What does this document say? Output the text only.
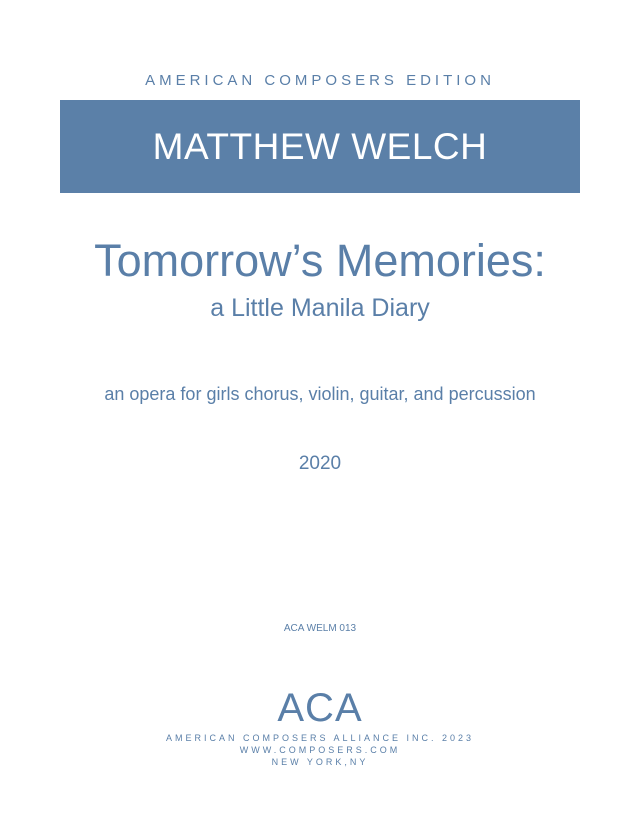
AMERICAN COMPOSERS EDITION
MATTHEW WELCH
Tomorrow’s Memories:
a Little Manila Diary
an opera for girls chorus, violin, guitar, and percussion
2020
ACA WELM 013
ACA
AMERICAN COMPOSERS ALLIANCE INC. 2023
WWW.COMPOSERS.COM
NEW YORK,NY
